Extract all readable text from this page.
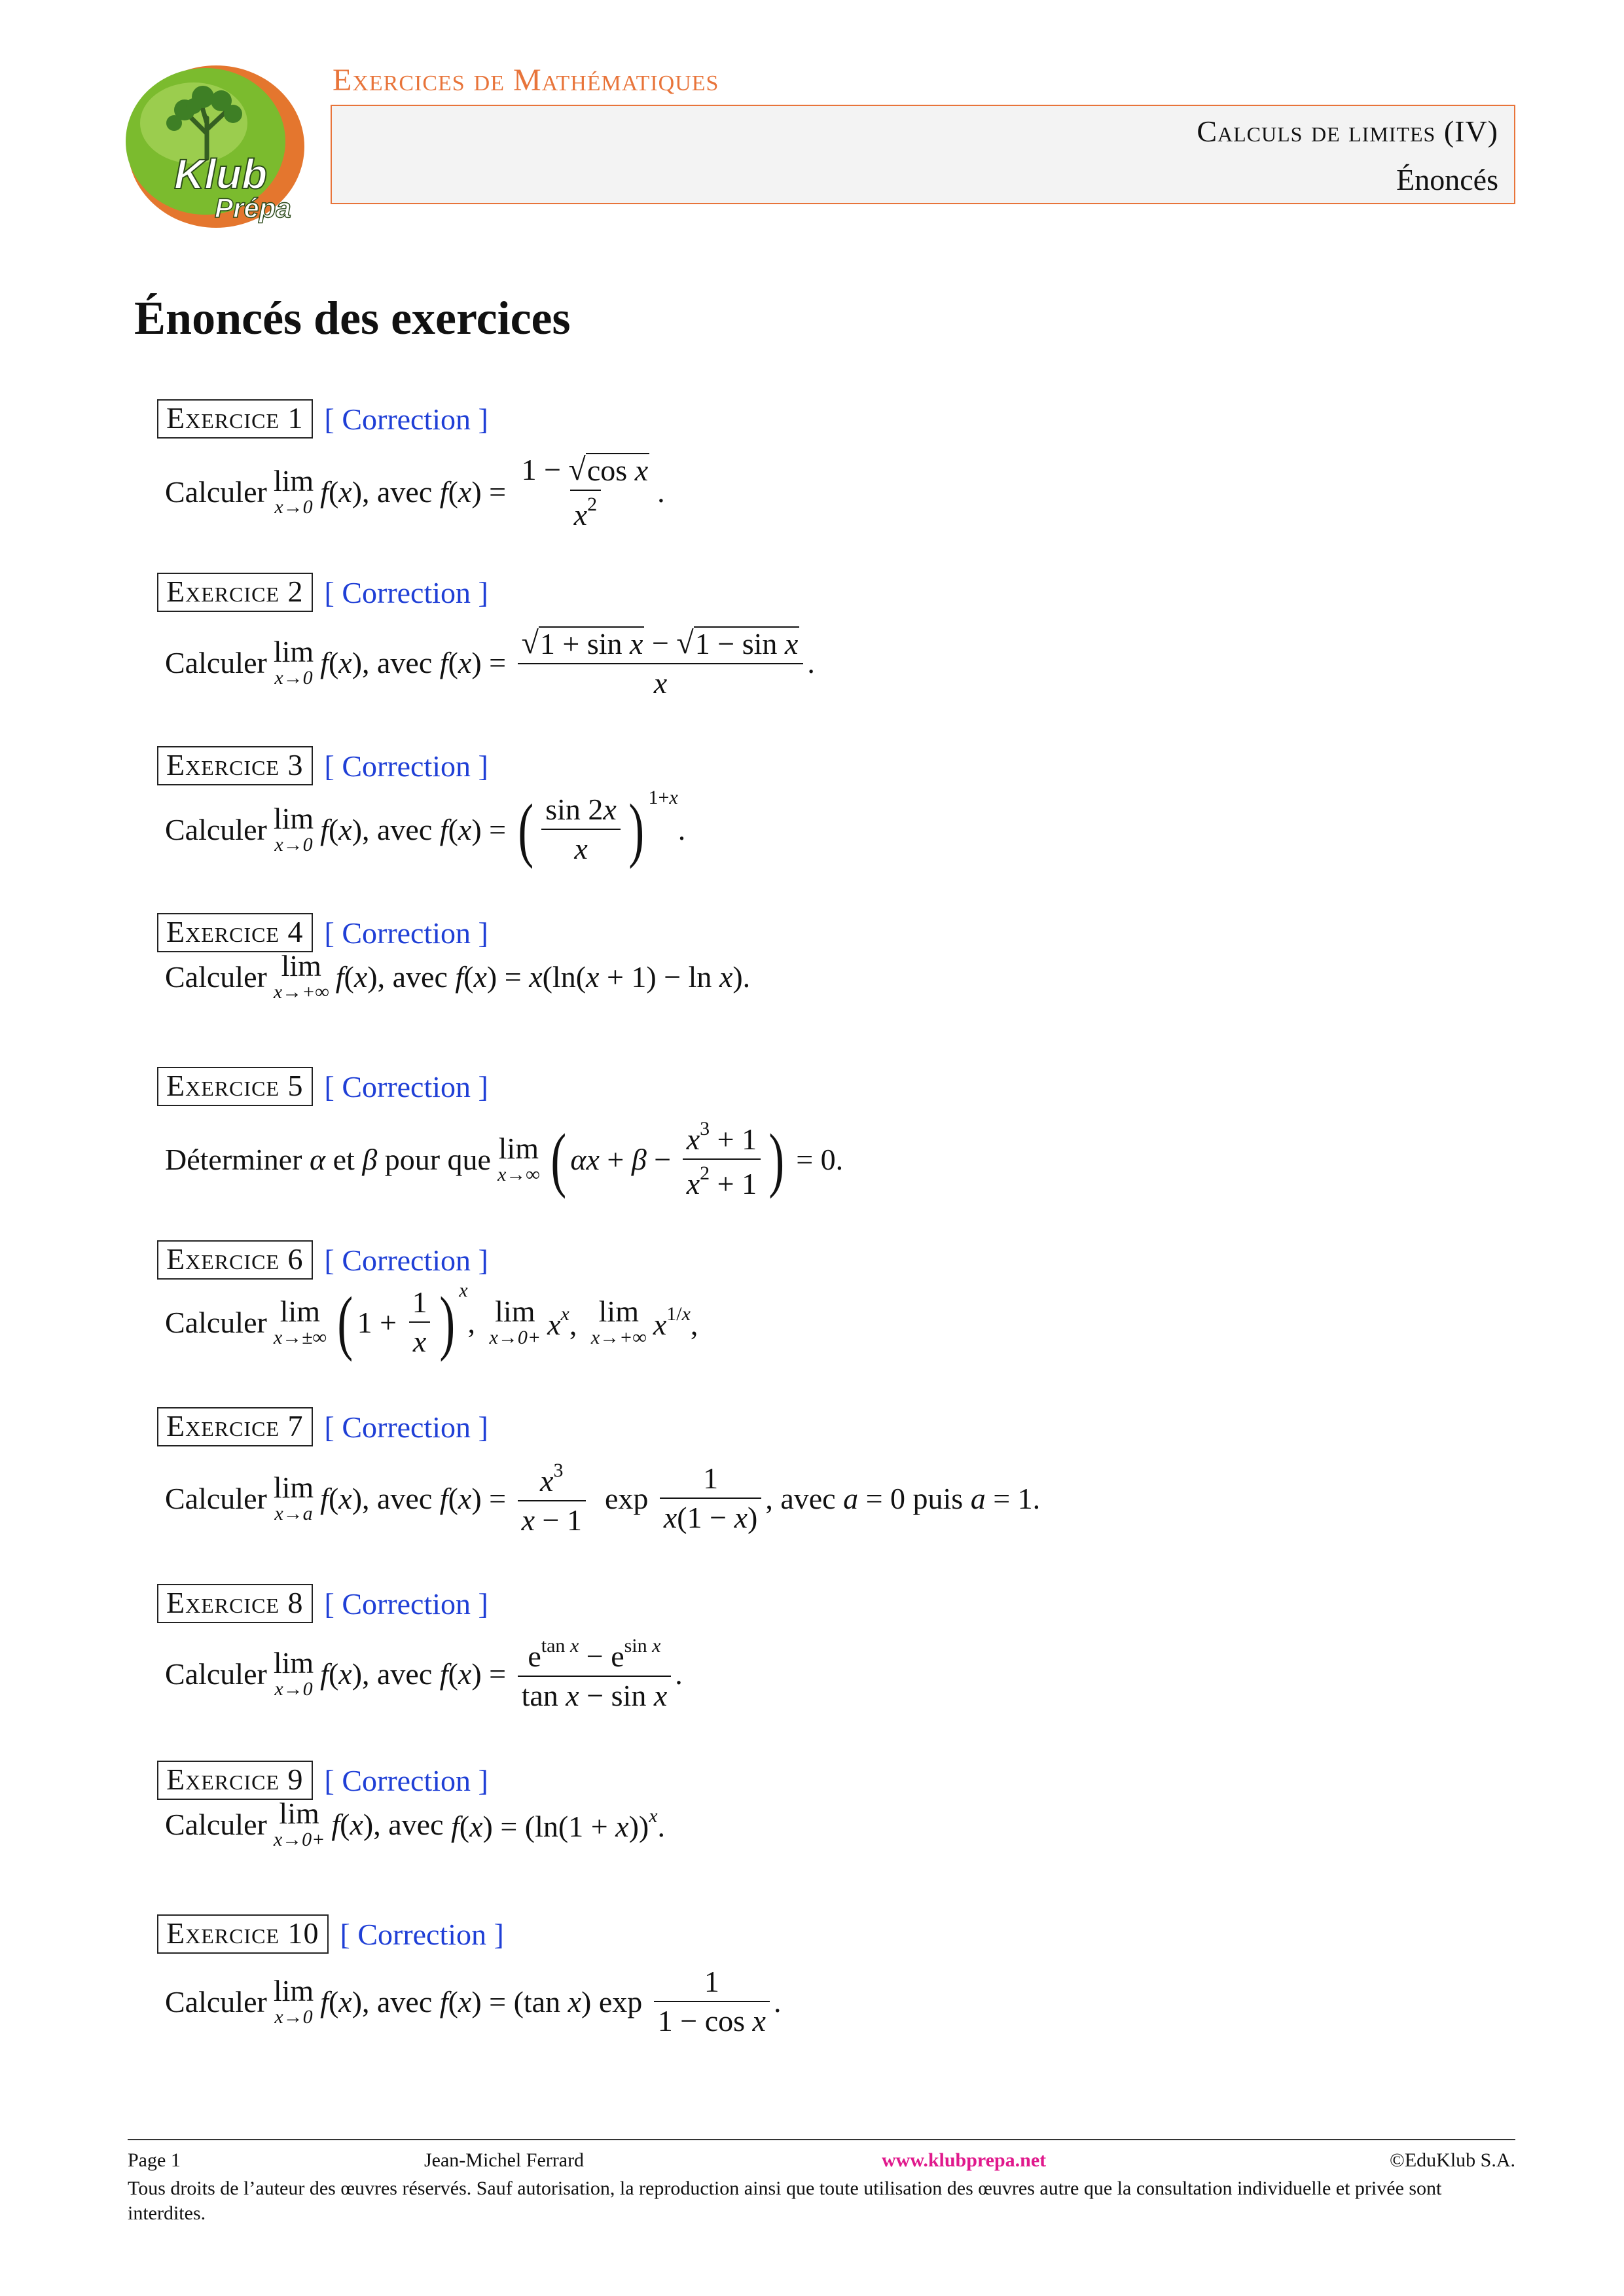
Klub
Prépa
Exercices de Mathématiques
Calculs de limites (IV)
Énoncés
Énoncés des exercices
Exercice 1 [ Correction ]
Calculer lim
x→0 f(x) , avec $f(x) = \frac{\text{1 − √ cos x}}{x^2}$ .
Exercice 2 [ Correction ]
Calculer lim
x→0 f(x) , avec $f(x) = \frac{\text{√ 1 + sin x − √ 1 − sin x}}{x}$ .
Exercice 3 [ Correction ]
Calculer lim
x→0 f(x) , avec f(x) = ( $\frac{\sin 2x}{x}$ ) 1+x
.
Exercice 4 [ Correction ]
Calculer lim
x→+∞ f(x) , avec f(x) = x(ln(x + 1) − ln x).
Exercice 5 [ Correction ]
Déterminer α et β pour que lim
x→∞ ( $\alpha x + \beta - \frac{x^3 + 1}{x^2 + 1}$ ) = 0.
Exercice 6 [ Correction ]
Calculer lim
x→±∞ ( $1 + \frac{1}{x}$ ) x
, lim
$x\to 0+ x^x$, lim
x→+∞ $x^{1/x}$,
Exercice 7 [ Correction ]
Calculer lim
x→a f(x) , avec $f(x) = \frac{x^3}{x - 1}$ $\exp \frac{1}{x(1 - x)}$ , avec a = 0 puis a = 1.
Exercice 8 [ Correction ]
Calculer lim
x→0 f(x) , avec $f(x) = \frac{e^{tan x} - e^{sin x}}{\text{tan x − sin x}}$ .
Exercice 9 [ Correction ]
Calculer lim
x→0+ f(x) , avec $f(x) = (\ln(1 + x))^x$.
Exercice 10 [ Correction ]
Calculer lim
x→0 f(x) , avec f(x) = (tan x) $\exp \frac{1}{\text{1 − cos x}}$ .
Page 1	Jean-Michel Ferrard	www.klubprepa.net	©EduKlub S.A.
Tous droits de l’auteur des œuvres réservés. Sauf autorisation, la reproduction ainsi que toute utilisation des œuvres autre que la consultation individuelle et privée sont interdites.
